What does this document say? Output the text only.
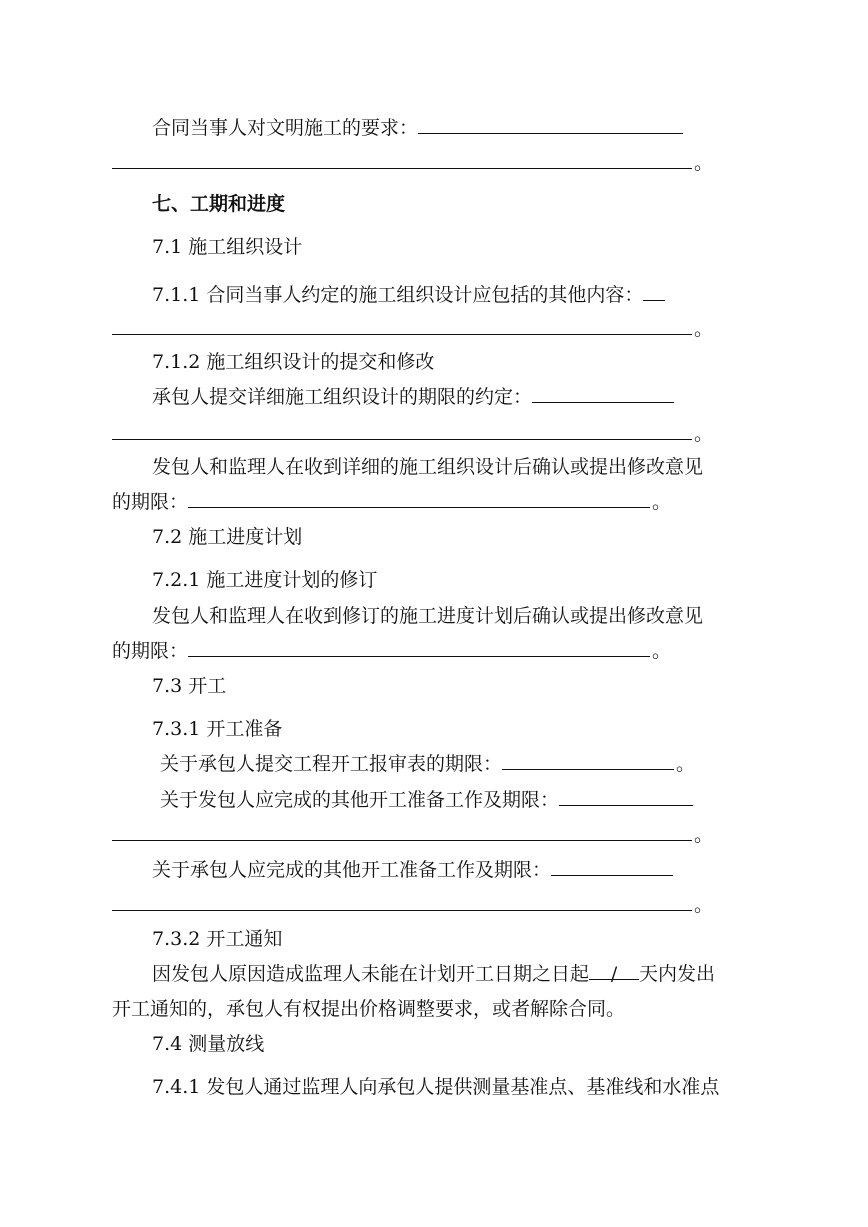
合同当事人对文明施工的要求：
。
七、工期和进度
7.1 施工组织设计
7.1.1 合同当事人约定的施工组织设计应包括的其他内容：
。
7.1.2 施工组织设计的提交和修改
承包人提交详细施工组织设计的期限的约定：
。
发包人和监理人在收到详细的施工组织设计后确认或提出修改意见
的期限：	。
7.2 施工进度计划
7.2.1 施工进度计划的修订
发包人和监理人在收到修订的施工进度计划后确认或提出修改意见
的期限：	。
7.3 开工
7.3.1 开工准备
关于承包人提交工程开工报审表的期限：	。
关于发包人应完成的其他开工准备工作及期限：
。
关于承包人应完成的其他开工准备工作及期限：
。
7.3.2 开工通知
因发包人原因造成监理人未能在计划开工日期之日起 / 天内发出
开工通知的，承包人有权提出价格调整要求，或者解除合同。
7.4 测量放线
7.4.1 发包人通过监理人向承包人提供测量基准点、基准线和水准点
